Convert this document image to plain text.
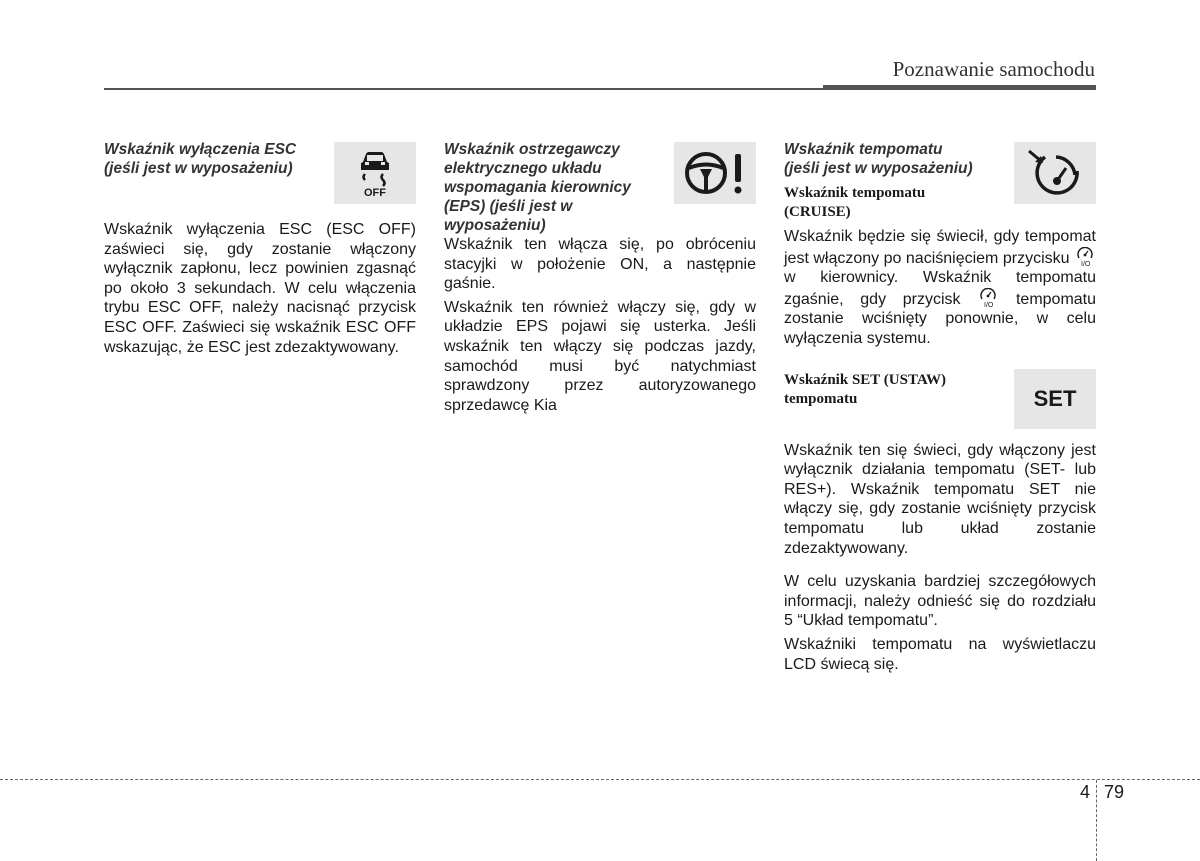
Poznawanie samochodu

Wskaźnik wyłączenia ESC
(jeśli jest w wyposażeniu)

OFF

Wskaźnik wyłączenia ESC (ESC OFF) zaświeci się, gdy zostanie włączony wyłącznik zapłonu, lecz powinien zgasnąć po około 3 sekundach. W celu włączenia trybu ESC OFF, należy nacisnąć przycisk ESC OFF. Zaświeci się wskaźnik ESC OFF wskazując, że ESC jest zdezaktywowany.

Wskaźnik ostrzegawczy
elektrycznego układu
wspomagania kierownicy
(EPS) (jeśli jest w
wyposażeniu)

Wskaźnik ten włącza się, po obróceniu stacyjki w położenie ON, a następnie gaśnie.

Wskaźnik ten również włączy się, gdy w układzie EPS pojawi się usterka. Jeśli wskaźnik ten włączy się podczas jazdy, samochód musi być natychmiast sprawdzony przez autoryzowanego sprzedawcę Kia

Wskaźnik tempomatu
(jeśli jest w wyposażeniu)

Wskaźnik tempomatu
(CRUISE)

Wskaźnik będzie się świecił, gdy tempomat jest włączony po naciśnięciem przycisku I/O
w kierownicy. Wskaźnik tempomatu zgaśnie, gdy przycisk	I/O tempomatu zostanie wciśnięty ponownie, w celu wyłączenia systemu.

Wskaźnik SET (USTAW)
tempomatu	SET

Wskaźnik ten się świeci, gdy włączony jest wyłącznik działania tempomatu (SET- lub RES+). Wskaźnik tempomatu SET nie włączy się, gdy zostanie wciśnięty przycisk tempomatu lub układ zostanie zdezaktywowany.

W celu uzyskania bardziej szczegółowych informacji, należy odnieść się do rozdziału 5 “Układ tempomatu”.

Wskaźniki tempomatu na wyświetlaczu LCD świecą się.

4 79
